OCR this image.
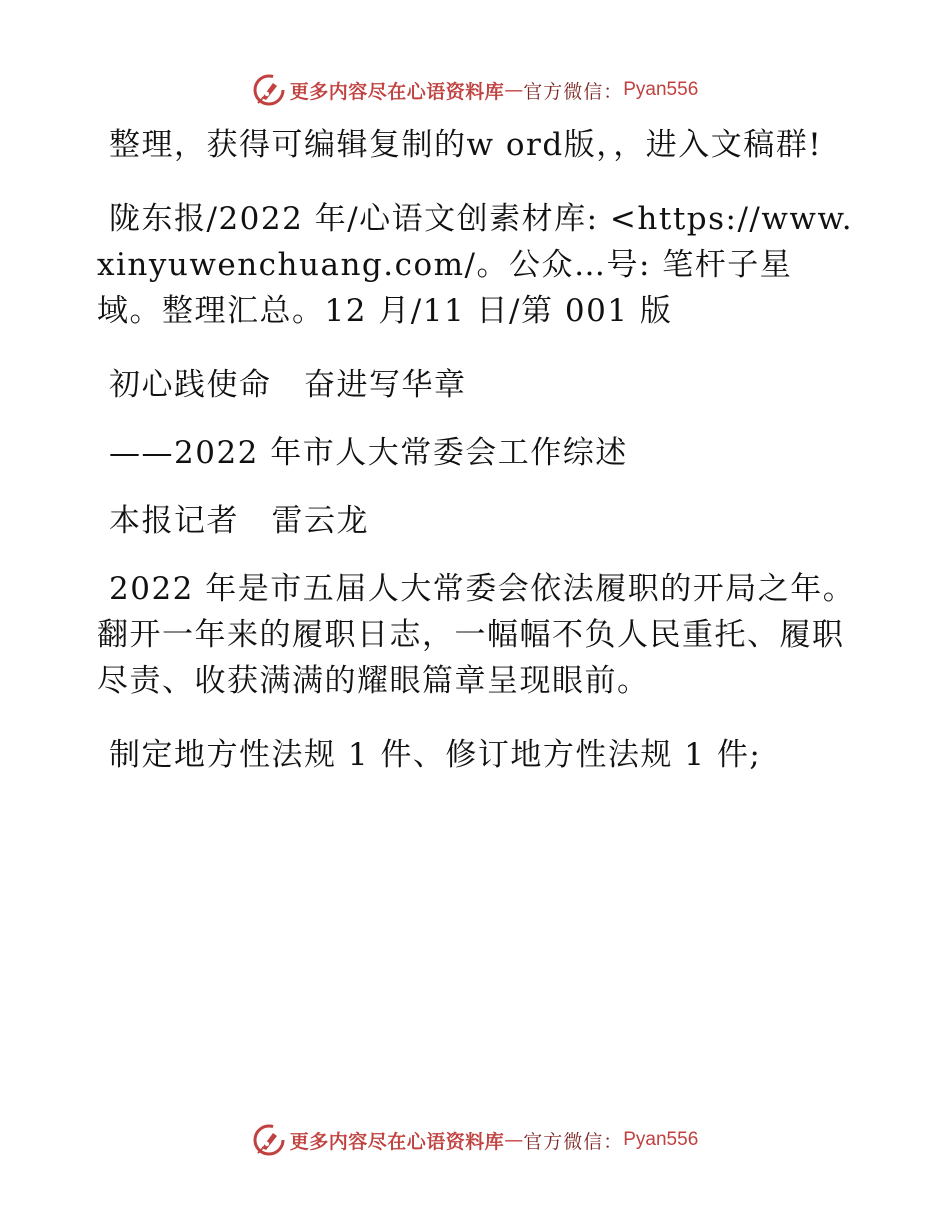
更多内容尽在心语资料库 — 官方微信： Pyan556

整理，获得可编辑复制的w ord版，，进入文稿群!

陇东报/2022 年/心语文创素材库: <https://www.xinyuwenchuang.com/。公众…号: 笔杆子星域。整理汇总。12 月/11 日/第 001 版

初心践使命　奋进写华章

——2022 年市人大常委会工作综述

本报记者　雷云龙

2022 年是市五届人大常委会依法履职的开局之年。翻开一年来的履职日志，一幅幅不负人民重托、履职尽责、收获满满的耀眼篇章呈现眼前。

制定地方性法规 1 件、修订地方性法规 1 件;

更多内容尽在心语资料库 — 官方微信： Pyan556
